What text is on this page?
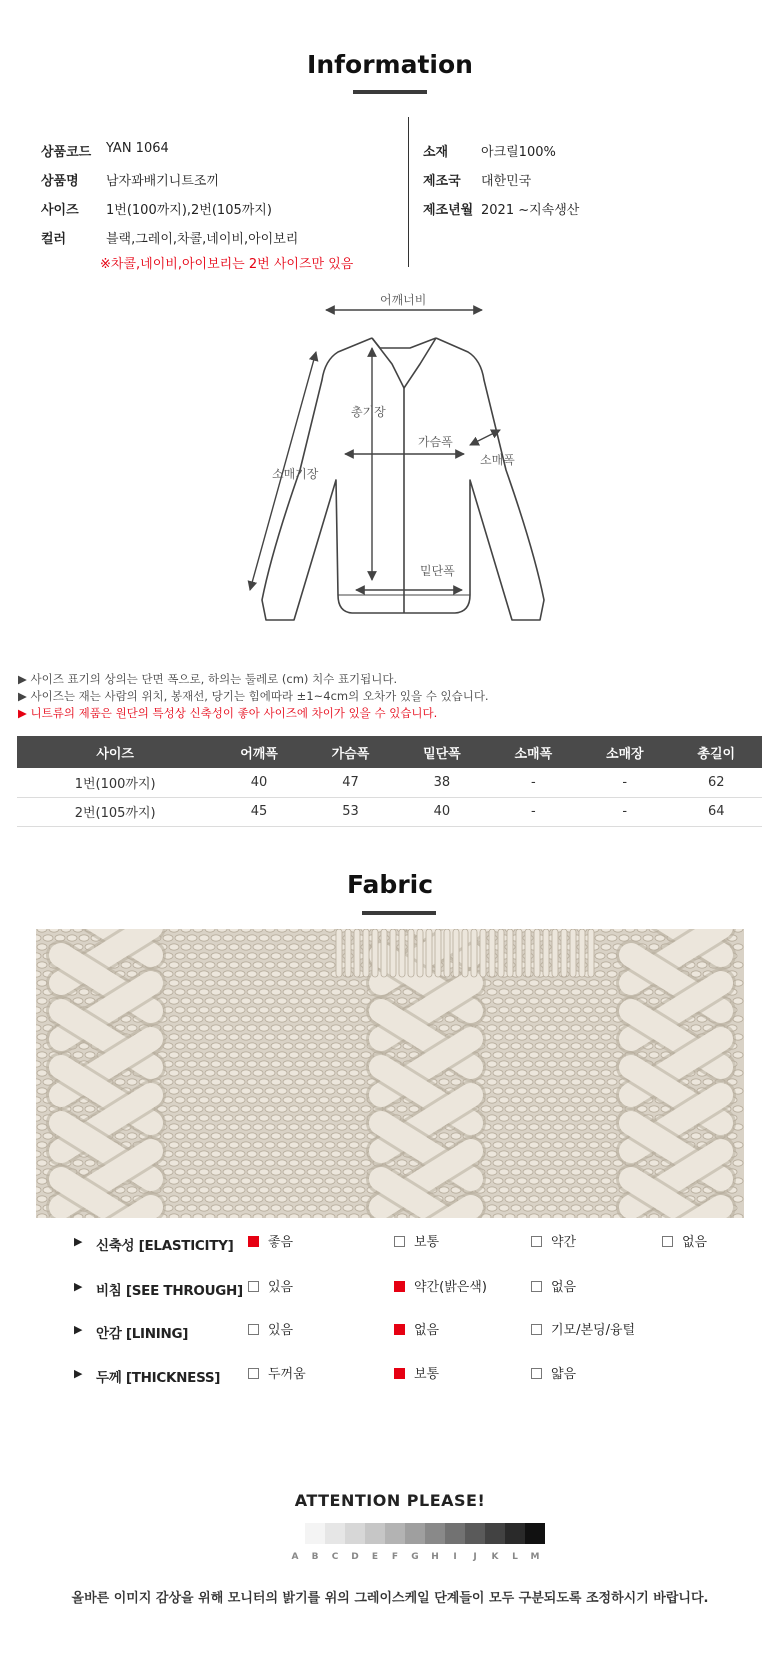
Information
상품코드 YAN 1064
상품명 남자꽈배기니트조끼
사이즈 1번(100까지),2번(105까지)
컬러	블랙,그레이,차콜,네이비,아이보리
※차콜,네이비,아이보리는 2번 사이즈만 있음
소재	아크릴100%
제조국 대한민국
제조년월 2021 ~지속생산
어깨너비
총기장
가슴폭
소매폭
소매기장
밑단폭
▶ 사이즈 표기의 상의는 단면 폭으로, 하의는 둘레로 (cm) 치수 표기됩니다.
▶ 사이즈는 재는 사람의 위치, 봉재선, 당기는 힘에따라 ±1~4cm의 오차가 있을 수 있습니다.
▶ 니트류의 제품은 원단의 특성상 신축성이 좋아 사이즈에 차이가 있을 수 있습니다.
사이즈	어깨폭	가슴폭	밑단폭	소매폭	소매장	총길이
1번(100까지)	40	47	38	-	-	62
2번(105까지)	45	53	40	-	-	64
Fabric
▶ 신축성 [ELASTICITY]	좋음	보통	약간	없음
▶ 비침 [SEE THROUGH]	있음	약간(밝은색)	없음
▶ 안감 [LINING]	있음	없음	기모/본딩/융털
▶ 두께 [THICKNESS]	두꺼움	보통	얇음
ATTENTION PLEASE!
A	B	C	D	E	F	G	H	I	J	K	L	M
올바른 이미지 감상을 위해 모니터의 밝기를 위의 그레이스케일 단계들이 모두 구분되도록 조정하시기 바랍니다.
